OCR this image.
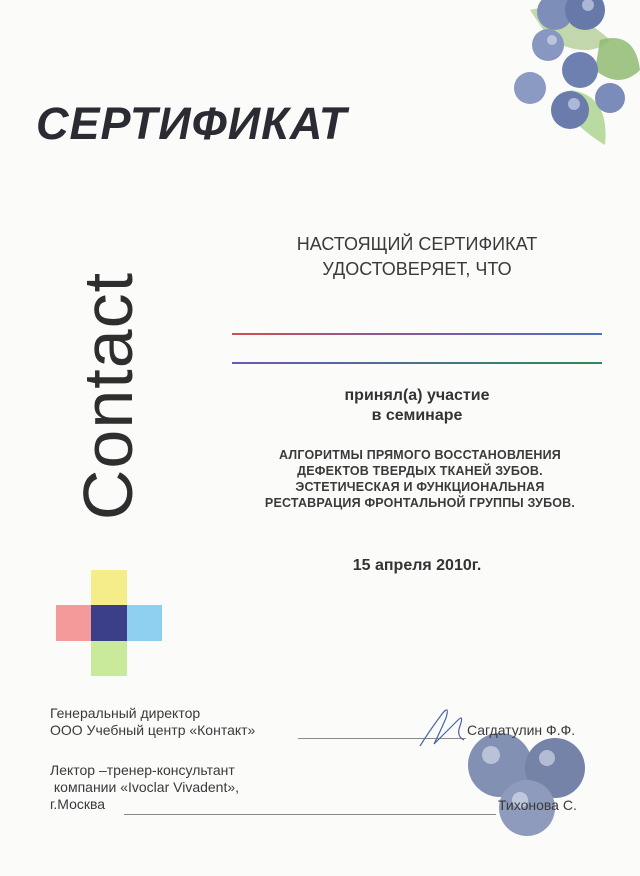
СЕРТИФИКАТ
Contact
НАСТОЯЩИЙ СЕРТИФИКАТ
УДОСТОВЕРЯЕТ, ЧТО
принял(а) участие
в семинаре
АЛГОРИТМЫ ПРЯМОГО ВОССТАНОВЛЕНИЯ
ДЕФЕКТОВ ТВЕРДЫХ ТКАНЕЙ ЗУБОВ.
ЭСТЕТИЧЕСКАЯ И ФУНКЦИОНАЛЬНАЯ
РЕСТАВРАЦИЯ ФРОНТАЛЬНОЙ ГРУППЫ ЗУБОВ.
15 апреля 2010г.
Генеральный директор
ООО Учебный центр «Контакт»	Сагдатулин Ф.Ф.
Лектор –тренер-консультант
компании «Ivoclar Vivadent»,
г.Москва	Тихонова С.
